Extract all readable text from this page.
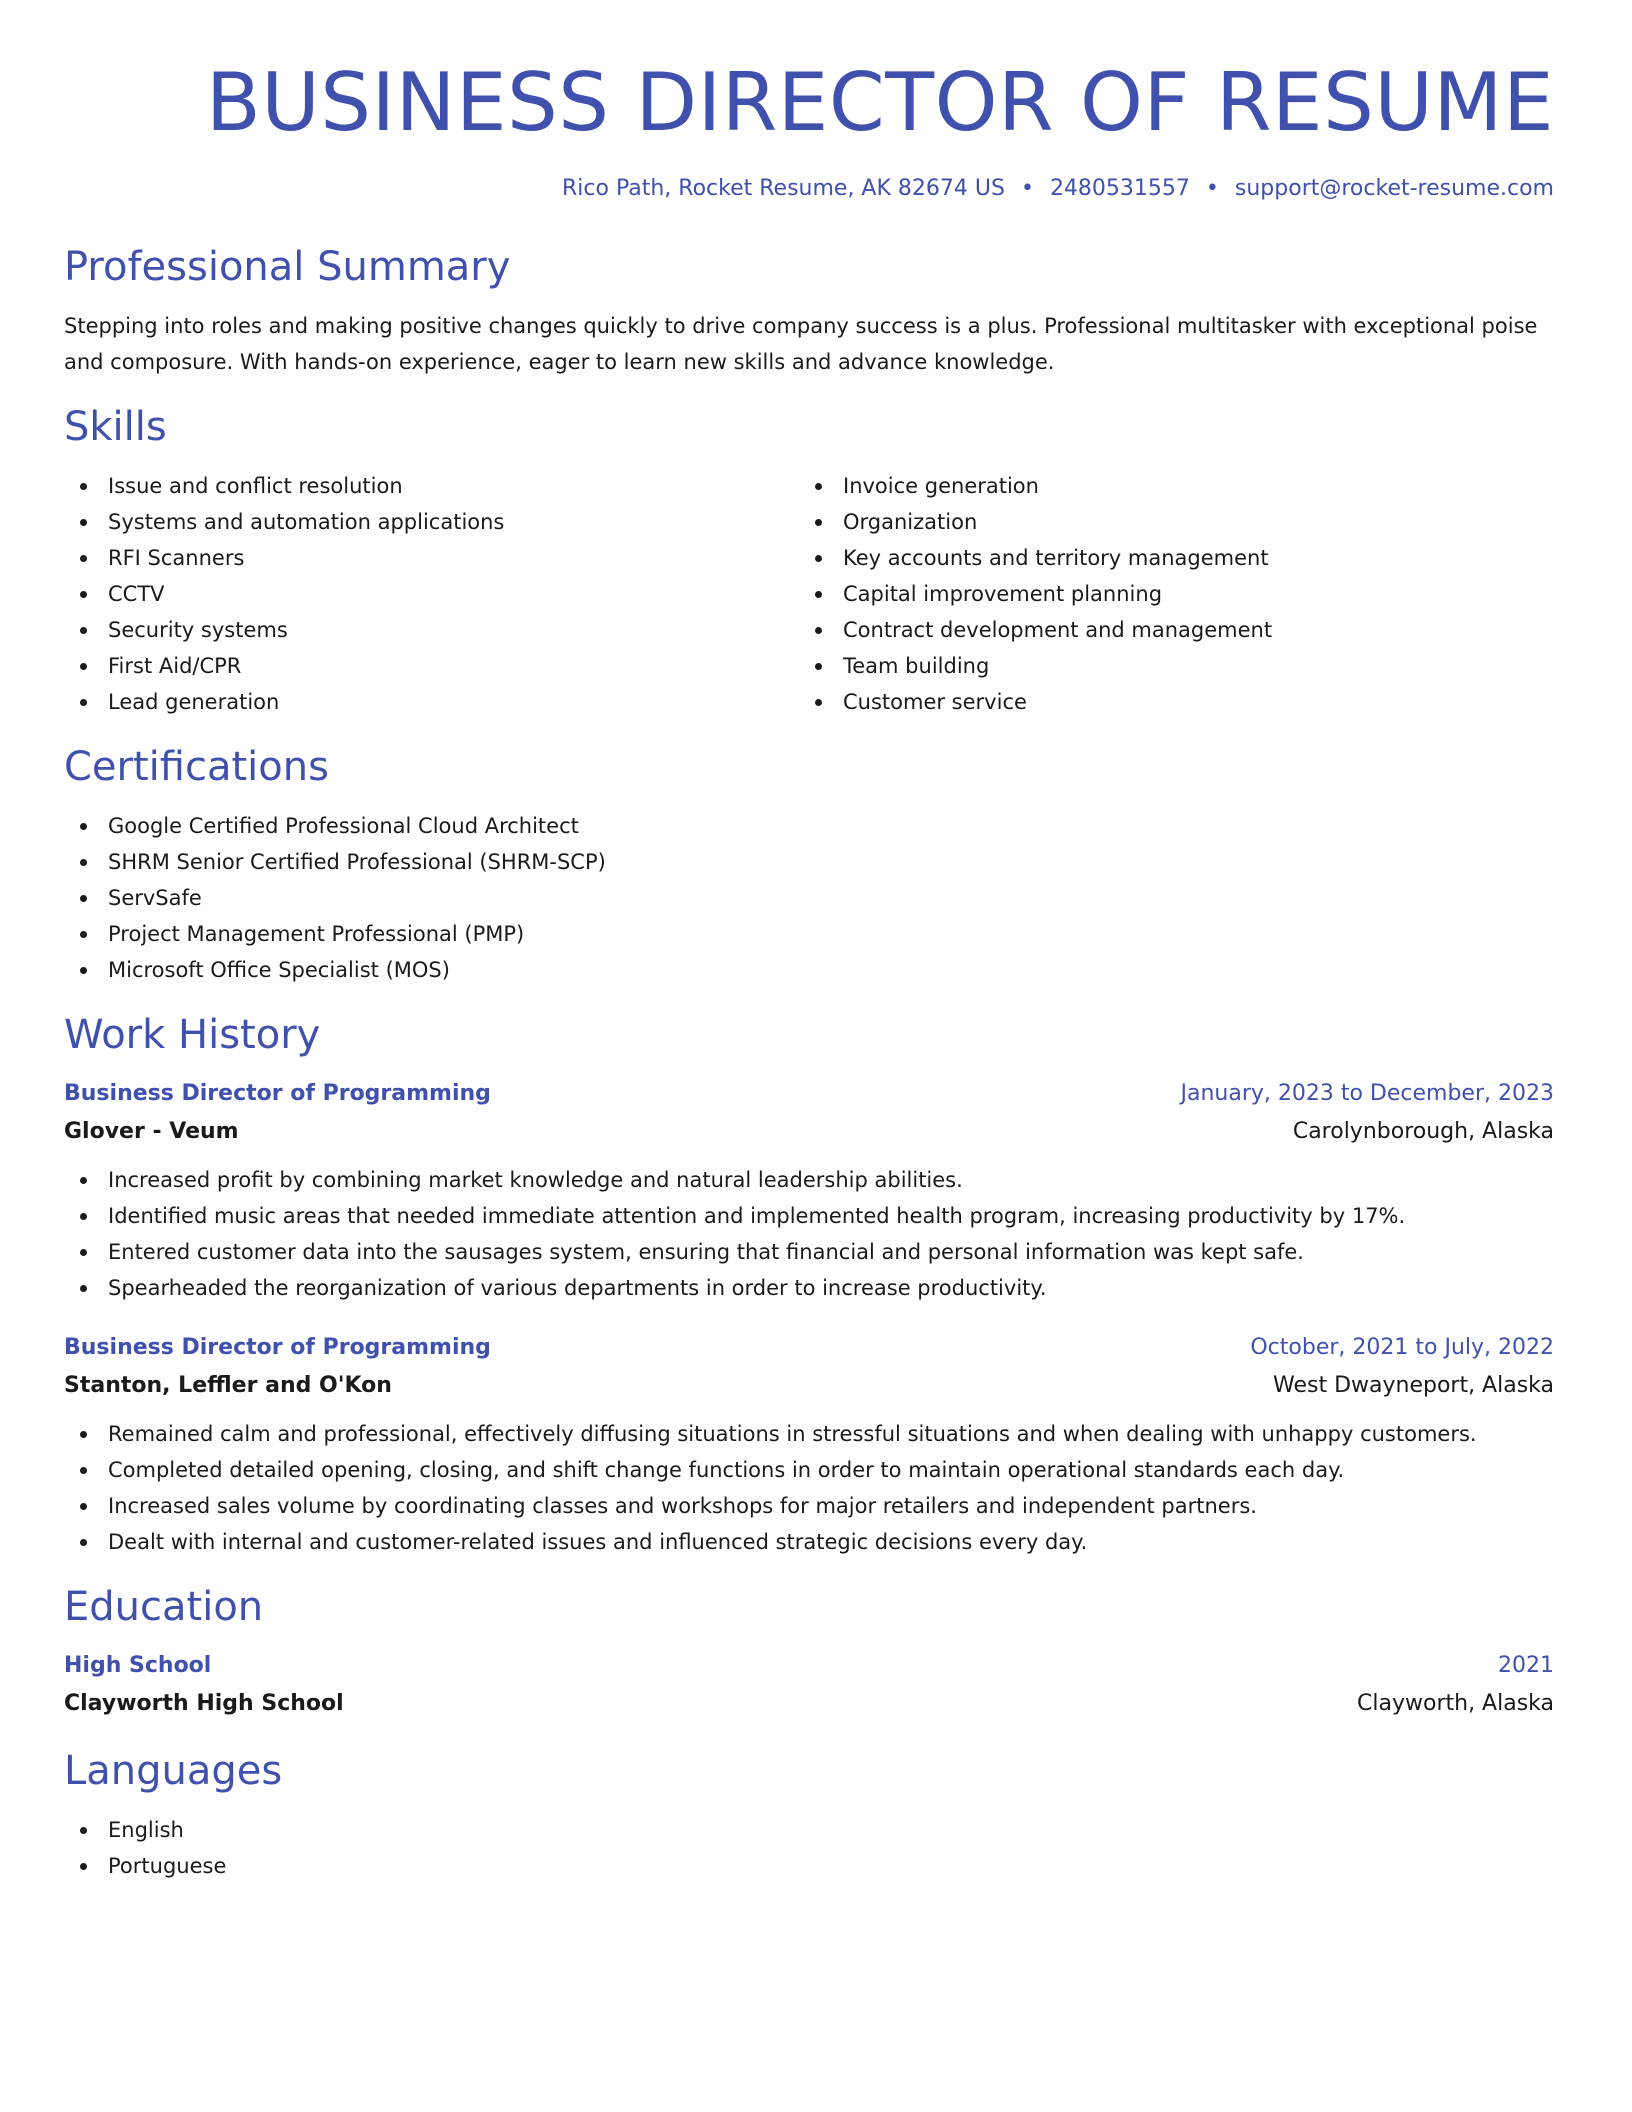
BUSINESS DIRECTOR OF RESUME
Rico Path, Rocket Resume, AK 82674 US • 2480531557 • support@rocket-resume.com
Professional Summary
Stepping into roles and making positive changes quickly to drive company success is a plus. Professional multitasker with exceptional poise and composure. With hands-on experience, eager to learn new skills and advance knowledge.
Skills
Issue and conflict resolution
Systems and automation applications
RFI Scanners
CCTV
Security systems
First Aid/CPR
Lead generation
Invoice generation
Organization
Key accounts and territory management
Capital improvement planning
Contract development and management
Team building
Customer service
Certifications
Google Certified Professional Cloud Architect
SHRM Senior Certified Professional (SHRM-SCP)
ServSafe
Project Management Professional (PMP)
Microsoft Office Specialist (MOS)
Work History
Business Director of Programming	January, 2023 to December, 2023
Glover - Veum	Carolynborough, Alaska
Increased profit by combining market knowledge and natural leadership abilities.
Identified music areas that needed immediate attention and implemented health program, increasing productivity by 17%.
Entered customer data into the sausages system, ensuring that financial and personal information was kept safe.
Spearheaded the reorganization of various departments in order to increase productivity.
Business Director of Programming	October, 2021 to July, 2022
Stanton, Leffler and O'Kon	West Dwayneport, Alaska
Remained calm and professional, effectively diffusing situations in stressful situations and when dealing with unhappy customers.
Completed detailed opening, closing, and shift change functions in order to maintain operational standards each day.
Increased sales volume by coordinating classes and workshops for major retailers and independent partners.
Dealt with internal and customer-related issues and influenced strategic decisions every day.
Education
High School	2021
Clayworth High School	Clayworth, Alaska
Languages
English
Portuguese
